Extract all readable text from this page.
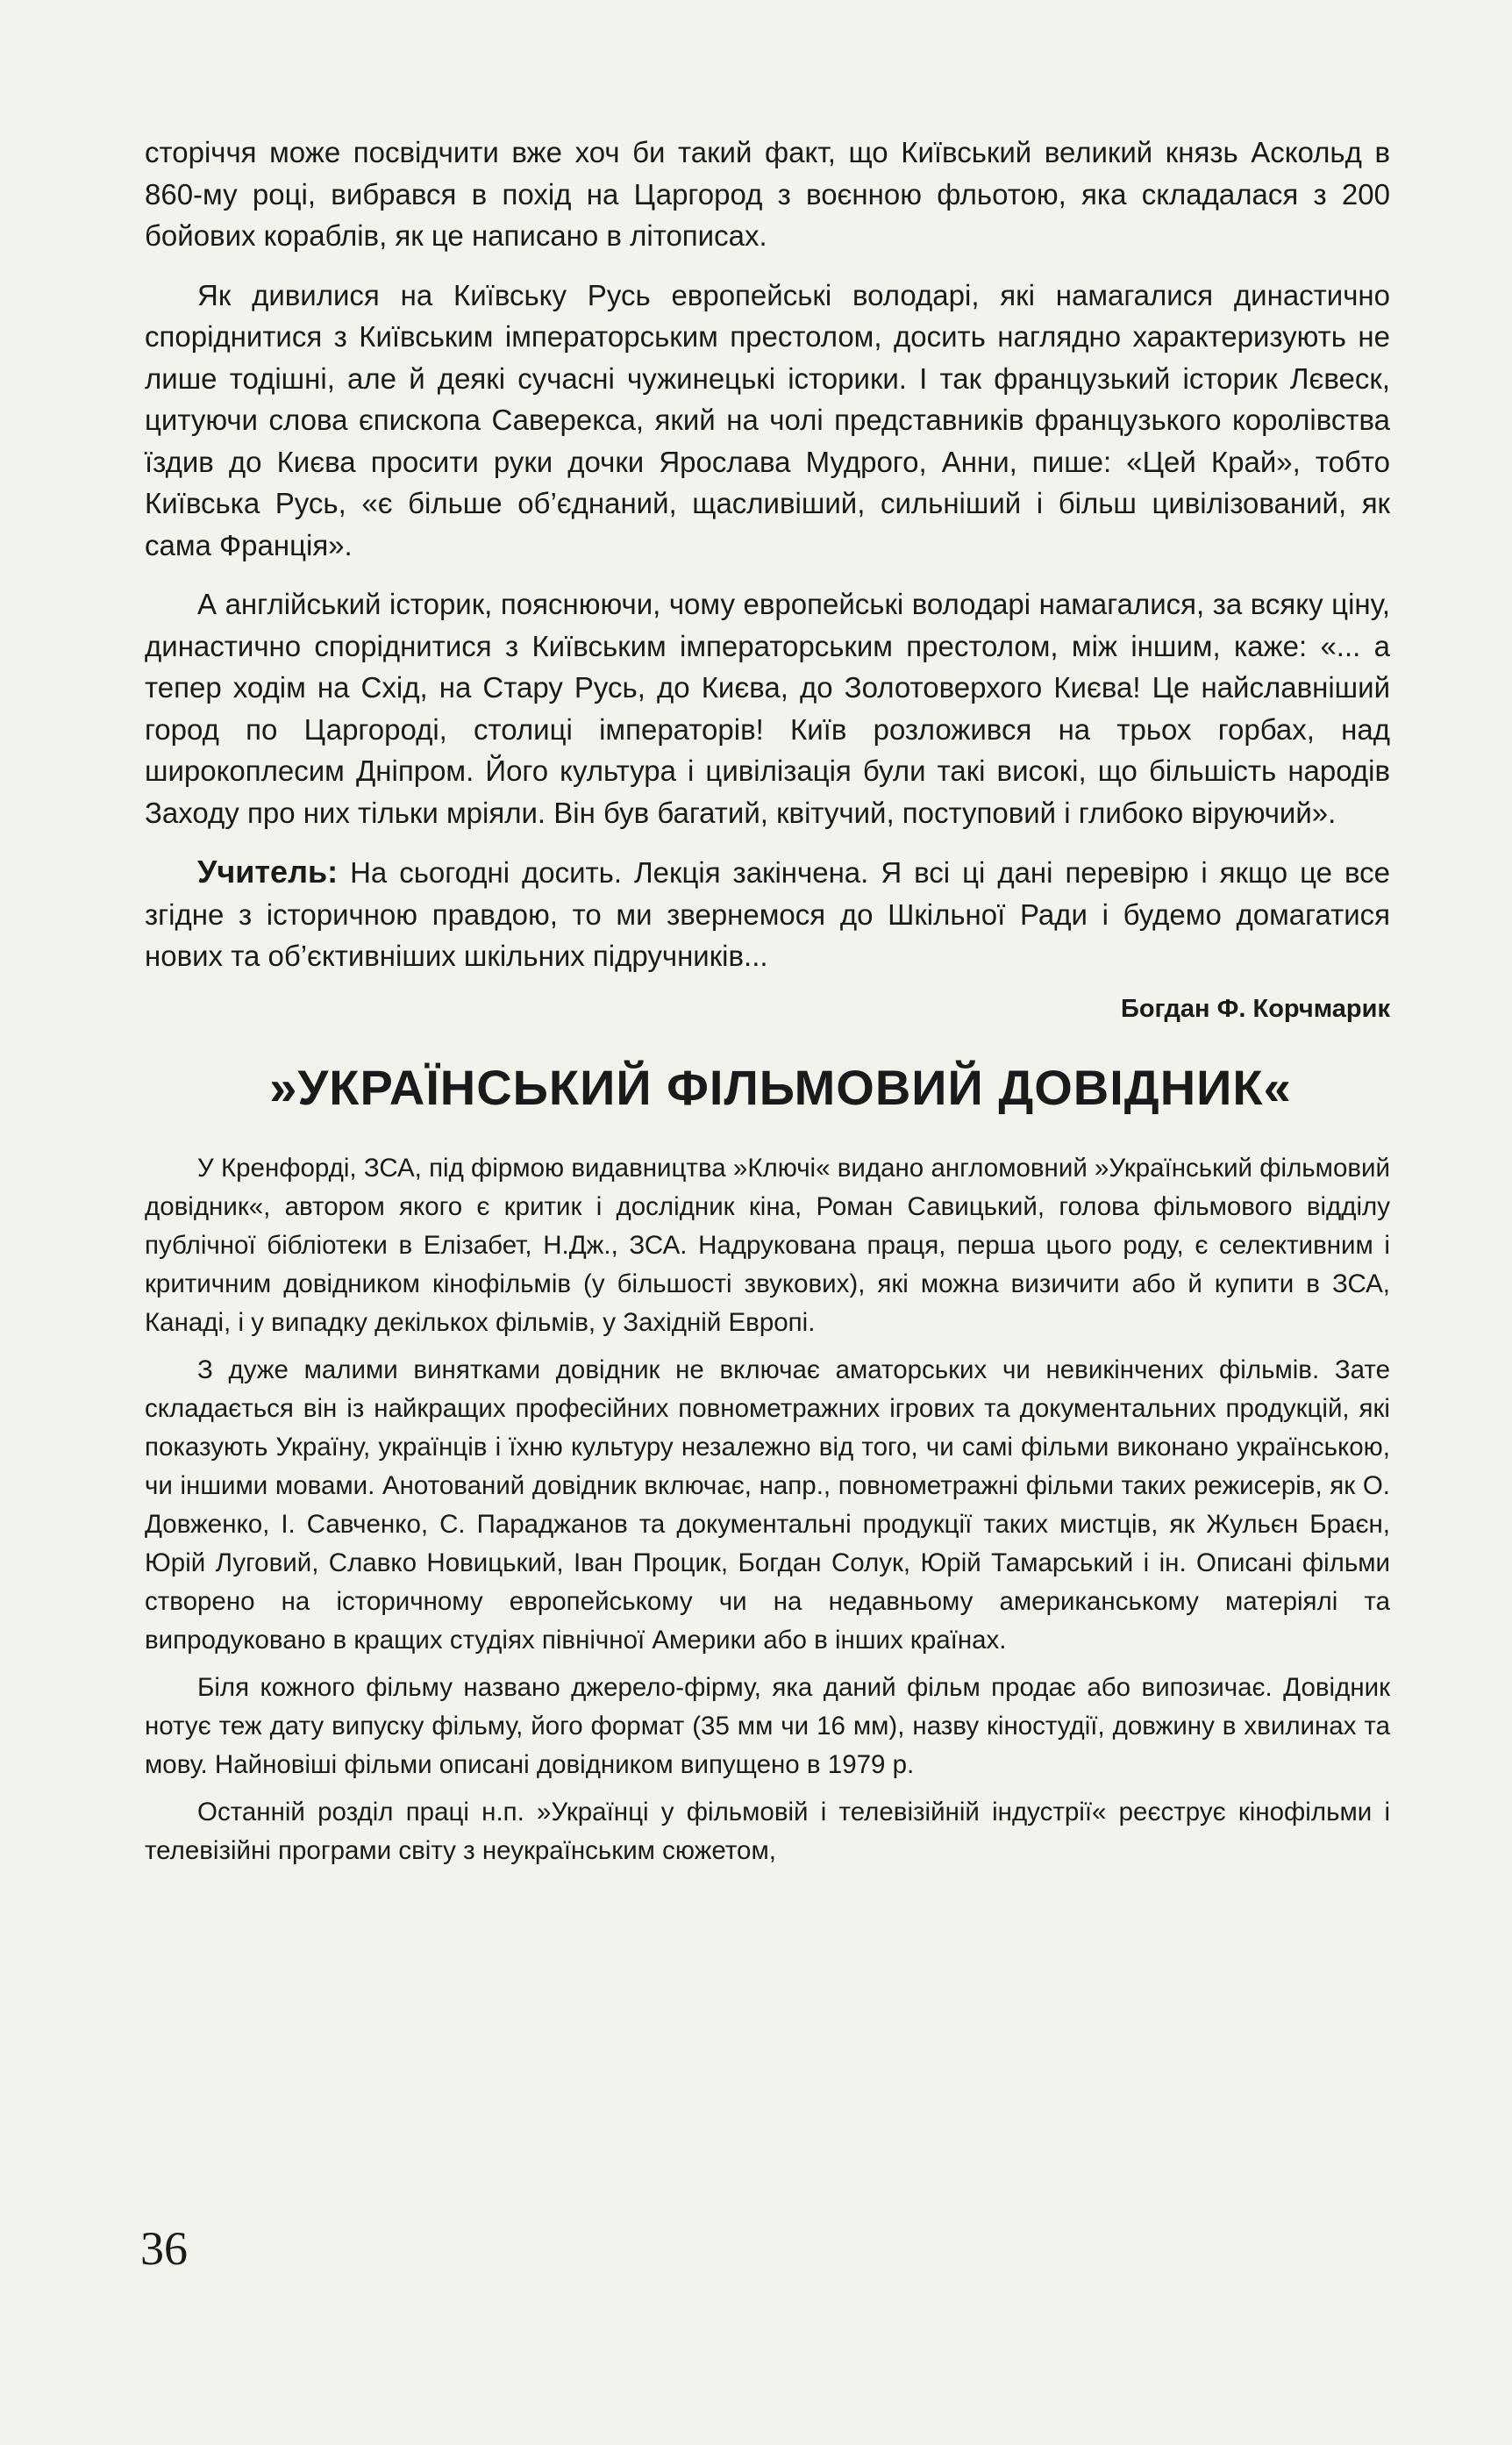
сторіччя може посвідчити вже хоч би такий факт, що Київський великий князь Аскольд в 860-му році, вибрався в похід на Царгород з воєнною фльотою, яка складалася з 200 бойових кораблів, як це написано в літописах.

Як дивилися на Київську Русь европейські володарі, які намагалися династично споріднитися з Київським імператорським престолом, досить наглядно характеризують не лише тодішні, але й деякі сучасні чужинецькі історики. І так французький історик Лєвеск, цитуючи слова єпископа Саверекса, який на чолі представників французького королівства їздив до Києва просити руки дочки Ярослава Мудрого, Анни, пише: «Цей Край», тобто Київська Русь, «є більше об’єднаний, щасливіший, сильніший і більш цивілізований, як сама Франція».

А англійський історик, пояснюючи, чому европейські володарі намагалися, за всяку ціну, династично споріднитися з Київським імператорським престолом, між іншим, каже: «... а тепер ходім на Схід, на Стару Русь, до Києва, до Золотоверхого Києва! Це найславніший город по Царгороді, столиці імператорів! Київ розложився на трьох горбах, над широкоплесим Дніпром. Його культура і цивілізація були такі високі, що більшість народів Заходу про них тільки мріяли. Він був багатий, квітучий, поступовий і глибоко віруючий».

Учитель: На сьогодні досить. Лекція закінчена. Я всі ці дані перевірю і якщо це все згідне з історичною правдою, то ми звернемося до Шкільної Ради і будемо домагатися нових та об’єктивніших шкільних підручників...

Богдан Ф. Корчмарик
»УКРАЇНСЬКИЙ ФІЛЬМОВИЙ ДОВІДНИК«

У Кренфорді, ЗСА, під фірмою видавництва »Ключі« видано англомовний »Український фільмовий довідник«, автором якого є критик і дослідник кіна, Роман Савицький, голова фільмового відділу публічної бібліотеки в Елізабет, Н.Дж., ЗСА. Надрукована праця, перша цього роду, є селективним і критичним довідником кінофільмів (у більшості звукових), які можна визичити або й купити в ЗСА, Канаді, і у випадку декількох фільмів, у Західній Европі.

З дуже малими винятками довідник не включає аматорських чи невикінчених фільмів. Зате складається він із найкращих професійних повнометражних ігрових та документальних продукцій, які показують Україну, українців і їхню культуру незалежно від того, чи самі фільми виконано українською, чи іншими мовами. Анотований довідник включає, напр., повнометражні фільми таких режисерів, як О. Довженко, І. Савченко, С. Параджанов та документальні продукції таких мистців, як Жульєн Браєн, Юрій Луговий, Славко Новицький, Іван Процик, Богдан Солук, Юрій Тамарський і ін. Описані фільми створено на історичному европейському чи на недавньому американському матеріялі та випродуковано в кращих студіях північної Америки або в інших країнах.

Біля кожного фільму названо джерело-фірму, яка даний фільм продає або випозичає. Довідник нотує теж дату випуску фільму, його формат (35 мм чи 16 мм), назву кіностудії, довжину в хвилинах та мову. Найновіші фільми описані довідником випущено в 1979 р.

Останній розділ праці н.п. »Українці у фільмовій і телевізійній індустрії« реєструє кінофільми і телевізійні програми світу з неукраїнським сюжетом,

36
